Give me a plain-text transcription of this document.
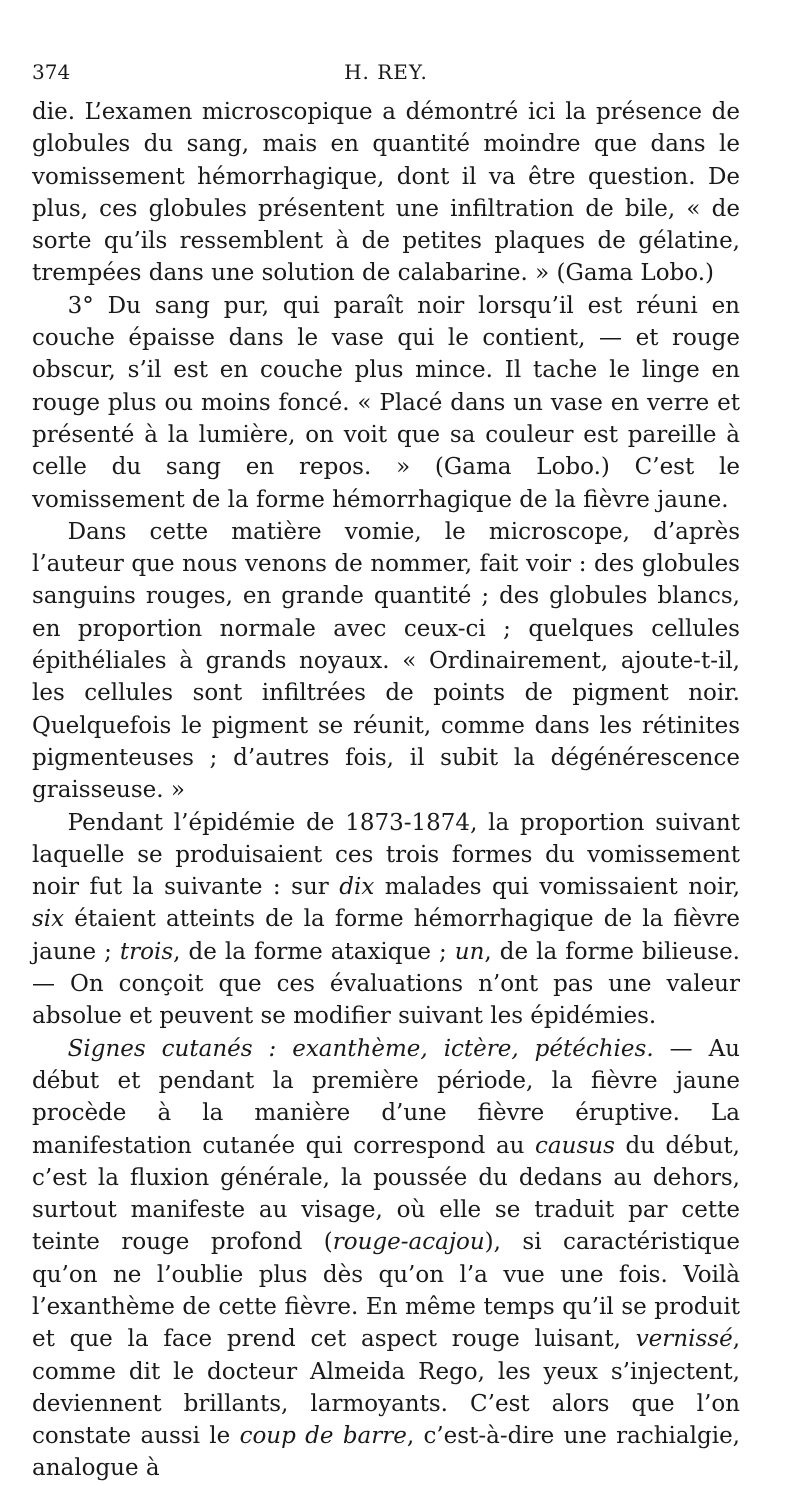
374	H. REY.

die. L’examen microscopique a démontré ici la présence de globules du sang, mais en quantité moindre que dans le vomissement hémorrhagique, dont il va être question. De plus, ces globules présentent une infiltration de bile, « de sorte qu’ils ressemblent à de petites plaques de gélatine, trempées dans une solution de calabarine. » (Gama Lobo.)

3° Du sang pur, qui paraît noir lorsqu’il est réuni en couche épaisse dans le vase qui le contient, — et rouge obscur, s’il est en couche plus mince. Il tache le linge en rouge plus ou moins foncé. « Placé dans un vase en verre et présenté à la lumière, on voit que sa couleur est pareille à celle du sang en repos. » (Gama Lobo.) C’est le vomissement de la forme hémorrhagique de la fièvre jaune.

Dans cette matière vomie, le microscope, d’après l’auteur que nous venons de nommer, fait voir : des globules sanguins rouges, en grande quantité ; des globules blancs, en proportion normale avec ceux-ci ; quelques cellules épithéliales à grands noyaux. « Ordinairement, ajoute-t-il, les cellules sont infiltrées de points de pigment noir. Quelquefois le pigment se réunit, comme dans les rétinites pigmenteuses ; d’autres fois, il subit la dégénérescence graisseuse. »

Pendant l’épidémie de 1873-1874, la proportion suivant laquelle se produisaient ces trois formes du vomissement noir fut la suivante : sur dix malades qui vomissaient noir, six étaient atteints de la forme hémorrhagique de la fièvre jaune ; trois, de la forme ataxique ; un, de la forme bilieuse. — On conçoit que ces évaluations n’ont pas une valeur absolue et peuvent se modifier suivant les épidémies.

Signes cutanés : exanthème, ictère, pétéchies. — Au début et pendant la première période, la fièvre jaune procède à la manière d’une fièvre éruptive. La manifestation cutanée qui correspond au causus du début, c’est la fluxion générale, la poussée du dedans au dehors, surtout manifeste au visage, où elle se traduit par cette teinte rouge profond (rouge-acajou), si caractéristique qu’on ne l’oublie plus dès qu’on l’a vue une fois. Voilà l’exanthème de cette fièvre. En même temps qu’il se produit et que la face prend cet aspect rouge luisant, vernissé, comme dit le docteur Almeida Rego, les yeux s’injectent, deviennent brillants, larmoyants. C’est alors que l’on constate aussi le coup de barre, c’est-à-dire une rachialgie, analogue à
